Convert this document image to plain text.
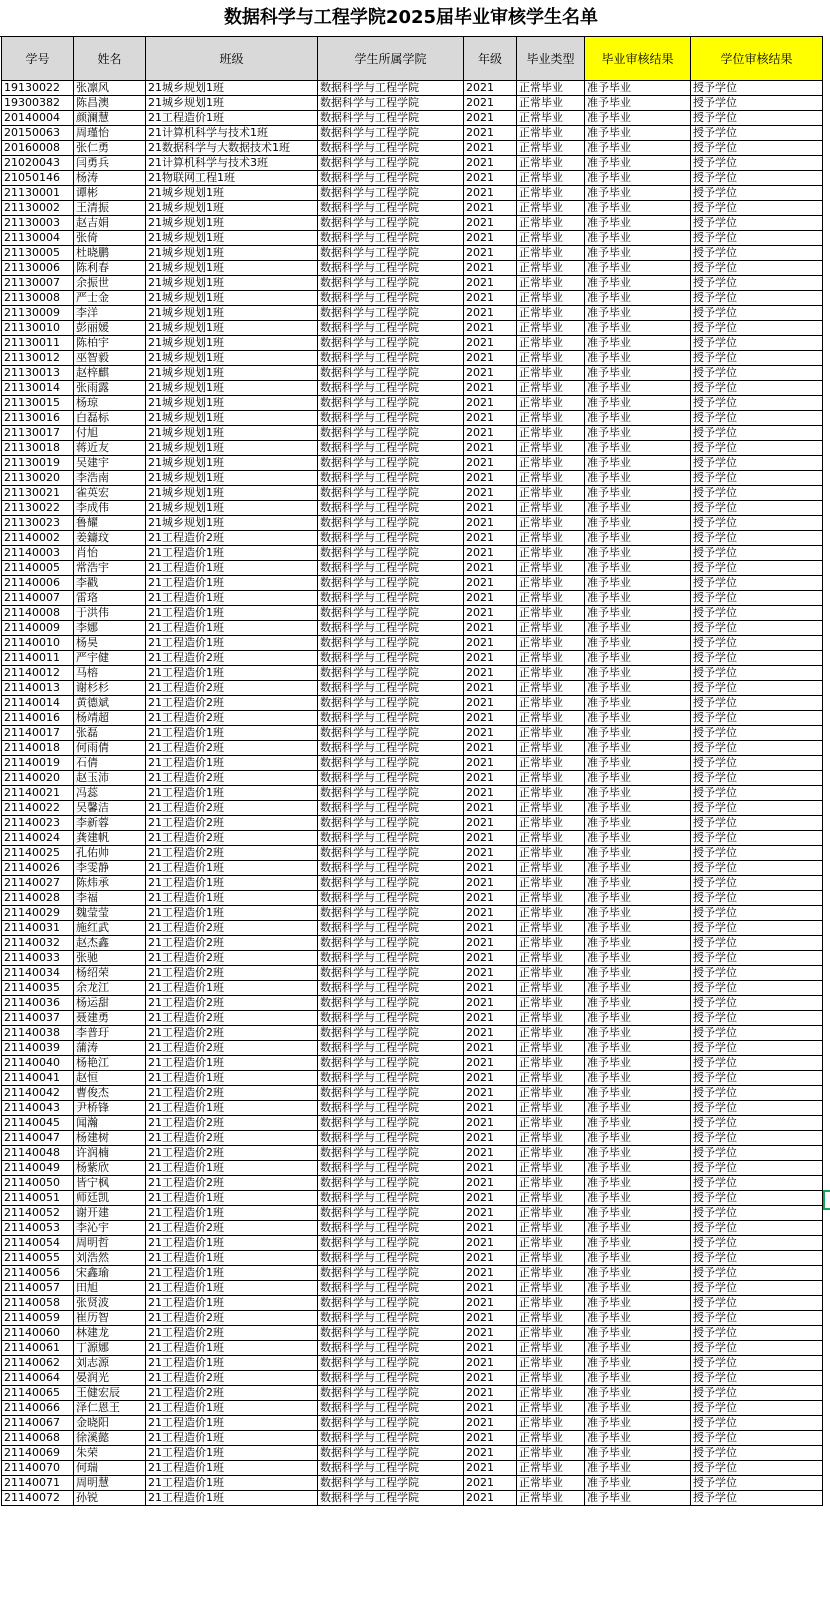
数据科学与工程学院2025届毕业审核学生名单
学号	姓名	班级	学生所属学院	年级	毕业类型	毕业审核结果	学位审核结果
19130022	张凛风	21城乡规划1班	数据科学与工程学院	2021	正常毕业	准予毕业	授予学位
19300382	陈昌澳	21城乡规划1班	数据科学与工程学院	2021	正常毕业	准予毕业	授予学位
20140004	颜澜慧	21工程造价1班	数据科学与工程学院	2021	正常毕业	准予毕业	授予学位
20150063	周瑾怡	21计算机科学与技术1班	数据科学与工程学院	2021	正常毕业	准予毕业	授予学位
20160008	张仁勇	21数据科学与大数据技术1班	数据科学与工程学院	2021	正常毕业	准予毕业	授予学位
21020043	闫勇兵	21计算机科学与技术3班	数据科学与工程学院	2021	正常毕业	准予毕业	授予学位
21050146	杨涛	21物联网工程1班	数据科学与工程学院	2021	正常毕业	准予毕业	授予学位
21130001	谭彬	21城乡规划1班	数据科学与工程学院	2021	正常毕业	准予毕业	授予学位
21130002	王清振	21城乡规划1班	数据科学与工程学院	2021	正常毕业	准予毕业	授予学位
21130003	赵吉娟	21城乡规划1班	数据科学与工程学院	2021	正常毕业	准予毕业	授予学位
21130004	张倚	21城乡规划1班	数据科学与工程学院	2021	正常毕业	准予毕业	授予学位
21130005	杜晓鹏	21城乡规划1班	数据科学与工程学院	2021	正常毕业	准予毕业	授予学位
21130006	陈利春	21城乡规划1班	数据科学与工程学院	2021	正常毕业	准予毕业	授予学位
21130007	余振世	21城乡规划1班	数据科学与工程学院	2021	正常毕业	准予毕业	授予学位
21130008	严士金	21城乡规划1班	数据科学与工程学院	2021	正常毕业	准予毕业	授予学位
21130009	李洋	21城乡规划1班	数据科学与工程学院	2021	正常毕业	准予毕业	授予学位
21130010	彭丽媛	21城乡规划1班	数据科学与工程学院	2021	正常毕业	准予毕业	授予学位
21130011	陈柏宇	21城乡规划1班	数据科学与工程学院	2021	正常毕业	准予毕业	授予学位
21130012	巫智毅	21城乡规划1班	数据科学与工程学院	2021	正常毕业	准予毕业	授予学位
21130013	赵梓麒	21城乡规划1班	数据科学与工程学院	2021	正常毕业	准予毕业	授予学位
21130014	张雨露	21城乡规划1班	数据科学与工程学院	2021	正常毕业	准予毕业	授予学位
21130015	杨琼	21城乡规划1班	数据科学与工程学院	2021	正常毕业	准予毕业	授予学位
21130016	白磊标	21城乡规划1班	数据科学与工程学院	2021	正常毕业	准予毕业	授予学位
21130017	付旭	21城乡规划1班	数据科学与工程学院	2021	正常毕业	准予毕业	授予学位
21130018	蒋近友	21城乡规划1班	数据科学与工程学院	2021	正常毕业	准予毕业	授予学位
21130019	吴建宇	21城乡规划1班	数据科学与工程学院	2021	正常毕业	准予毕业	授予学位
21130020	李浩南	21城乡规划1班	数据科学与工程学院	2021	正常毕业	准予毕业	授予学位
21130021	雀英宏	21城乡规划1班	数据科学与工程学院	2021	正常毕业	准予毕业	授予学位
21130022	李成伟	21城乡规划1班	数据科学与工程学院	2021	正常毕业	准予毕业	授予学位
21130023	鲁耀	21城乡规划1班	数据科学与工程学院	2021	正常毕业	准予毕业	授予学位
21140002	姜鑄玟	21工程造价2班	数据科学与工程学院	2021	正常毕业	准予毕业	授予学位
21140003	肖怡	21工程造价1班	数据科学与工程学院	2021	正常毕业	准予毕业	授予学位
21140005	常浩宇	21工程造价1班	数据科学与工程学院	2021	正常毕业	准予毕业	授予学位
21140006	李戳	21工程造价1班	数据科学与工程学院	2021	正常毕业	准予毕业	授予学位
21140007	雷珞	21工程造价1班	数据科学与工程学院	2021	正常毕业	准予毕业	授予学位
21140008	于洪伟	21工程造价1班	数据科学与工程学院	2021	正常毕业	准予毕业	授予学位
21140009	李娜	21工程造价1班	数据科学与工程学院	2021	正常毕业	准予毕业	授予学位
21140010	杨昊	21工程造价1班	数据科学与工程学院	2021	正常毕业	准予毕业	授予学位
21140011	严宇健	21工程造价2班	数据科学与工程学院	2021	正常毕业	准予毕业	授予学位
21140012	马榕	21工程造价1班	数据科学与工程学院	2021	正常毕业	准予毕业	授予学位
21140013	谢杉杉	21工程造价2班	数据科学与工程学院	2021	正常毕业	准予毕业	授予学位
21140014	黄德斌	21工程造价2班	数据科学与工程学院	2021	正常毕业	准予毕业	授予学位
21140016	杨靖超	21工程造价2班	数据科学与工程学院	2021	正常毕业	准予毕业	授予学位
21140017	张磊	21工程造价1班	数据科学与工程学院	2021	正常毕业	准予毕业	授予学位
21140018	何雨倩	21工程造价2班	数据科学与工程学院	2021	正常毕业	准予毕业	授予学位
21140019	石倩	21工程造价1班	数据科学与工程学院	2021	正常毕业	准予毕业	授予学位
21140020	赵玉沛	21工程造价2班	数据科学与工程学院	2021	正常毕业	准予毕业	授予学位
21140021	冯蕊	21工程造价1班	数据科学与工程学院	2021	正常毕业	准予毕业	授予学位
21140022	吴馨洁	21工程造价2班	数据科学与工程学院	2021	正常毕业	准予毕业	授予学位
21140023	李新蓉	21工程造价2班	数据科学与工程学院	2021	正常毕业	准予毕业	授予学位
21140024	龚建帆	21工程造价2班	数据科学与工程学院	2021	正常毕业	准予毕业	授予学位
21140025	孔佑帅	21工程造价2班	数据科学与工程学院	2021	正常毕业	准予毕业	授予学位
21140026	李雯静	21工程造价1班	数据科学与工程学院	2021	正常毕业	准予毕业	授予学位
21140027	陈炜承	21工程造价1班	数据科学与工程学院	2021	正常毕业	准予毕业	授予学位
21140028	李福	21工程造价1班	数据科学与工程学院	2021	正常毕业	准予毕业	授予学位
21140029	魏莹莹	21工程造价1班	数据科学与工程学院	2021	正常毕业	准予毕业	授予学位
21140031	施红武	21工程造价2班	数据科学与工程学院	2021	正常毕业	准予毕业	授予学位
21140032	赵杰鑫	21工程造价2班	数据科学与工程学院	2021	正常毕业	准予毕业	授予学位
21140033	张驰	21工程造价2班	数据科学与工程学院	2021	正常毕业	准予毕业	授予学位
21140034	杨绍荣	21工程造价2班	数据科学与工程学院	2021	正常毕业	准予毕业	授予学位
21140035	余龙江	21工程造价1班	数据科学与工程学院	2021	正常毕业	准予毕业	授予学位
21140036	杨运甜	21工程造价2班	数据科学与工程学院	2021	正常毕业	准予毕业	授予学位
21140037	聂建勇	21工程造价2班	数据科学与工程学院	2021	正常毕业	准予毕业	授予学位
21140038	李普玗	21工程造价2班	数据科学与工程学院	2021	正常毕业	准予毕业	授予学位
21140039	蒲涛	21工程造价2班	数据科学与工程学院	2021	正常毕业	准予毕业	授予学位
21140040	杨艳江	21工程造价1班	数据科学与工程学院	2021	正常毕业	准予毕业	授予学位
21140041	赵恒	21工程造价1班	数据科学与工程学院	2021	正常毕业	准予毕业	授予学位
21140042	曹俊杰	21工程造价2班	数据科学与工程学院	2021	正常毕业	准予毕业	授予学位
21140043	尹桥锋	21工程造价1班	数据科学与工程学院	2021	正常毕业	准予毕业	授予学位
21140045	闻瀚	21工程造价2班	数据科学与工程学院	2021	正常毕业	准予毕业	授予学位
21140047	杨建树	21工程造价2班	数据科学与工程学院	2021	正常毕业	准予毕业	授予学位
21140048	许润楠	21工程造价2班	数据科学与工程学院	2021	正常毕业	准予毕业	授予学位
21140049	杨紫欣	21工程造价1班	数据科学与工程学院	2021	正常毕业	准予毕业	授予学位
21140050	皆宁枫	21工程造价2班	数据科学与工程学院	2021	正常毕业	准予毕业	授予学位
21140051	师廷凯	21工程造价1班	数据科学与工程学院	2021	正常毕业	准予毕业	授予学位
21140052	谢开建	21工程造价1班	数据科学与工程学院	2021	正常毕业	准予毕业	授予学位
21140053	李沁宇	21工程造价2班	数据科学与工程学院	2021	正常毕业	准予毕业	授予学位
21140054	周明哲	21工程造价1班	数据科学与工程学院	2021	正常毕业	准予毕业	授予学位
21140055	刘浩然	21工程造价1班	数据科学与工程学院	2021	正常毕业	准予毕业	授予学位
21140056	宋鑫瑜	21工程造价1班	数据科学与工程学院	2021	正常毕业	准予毕业	授予学位
21140057	田旭	21工程造价1班	数据科学与工程学院	2021	正常毕业	准予毕业	授予学位
21140058	张贤波	21工程造价1班	数据科学与工程学院	2021	正常毕业	准予毕业	授予学位
21140059	崔历智	21工程造价2班	数据科学与工程学院	2021	正常毕业	准予毕业	授予学位
21140060	林建龙	21工程造价2班	数据科学与工程学院	2021	正常毕业	准予毕业	授予学位
21140061	丁源娜	21工程造价1班	数据科学与工程学院	2021	正常毕业	准予毕业	授予学位
21140062	刘志源	21工程造价1班	数据科学与工程学院	2021	正常毕业	准予毕业	授予学位
21140064	晏润光	21工程造价2班	数据科学与工程学院	2021	正常毕业	准予毕业	授予学位
21140065	王健宏辰	21工程造价2班	数据科学与工程学院	2021	正常毕业	准予毕业	授予学位
21140066	泽仁恩王	21工程造价1班	数据科学与工程学院	2021	正常毕业	准予毕业	授予学位
21140067	金晓阳	21工程造价1班	数据科学与工程学院	2021	正常毕业	准予毕业	授予学位
21140068	徐溪懿	21工程造价1班	数据科学与工程学院	2021	正常毕业	准予毕业	授予学位
21140069	朱荣	21工程造价1班	数据科学与工程学院	2021	正常毕业	准予毕业	授予学位
21140070	何瑞	21工程造价1班	数据科学与工程学院	2021	正常毕业	准予毕业	授予学位
21140071	周明慧	21工程造价1班	数据科学与工程学院	2021	正常毕业	准予毕业	授予学位
21140072	孙锐	21工程造价1班	数据科学与工程学院	2021	正常毕业	准予毕业	授予学位
